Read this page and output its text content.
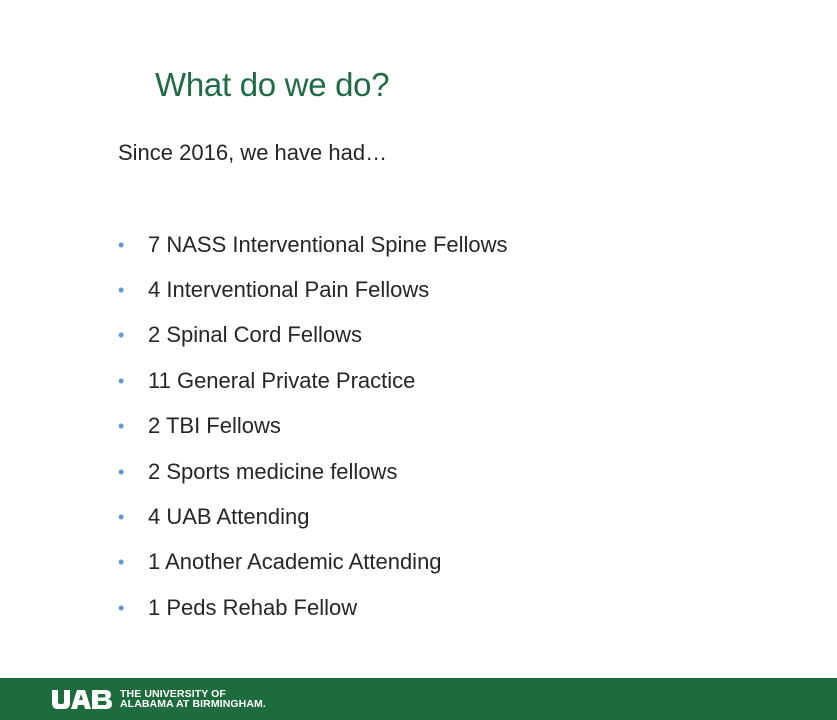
What do we do?

Since 2016, we have had…

•	7 NASS Interventional Spine Fellows
•	4 Interventional Pain Fellows
•	2 Spinal Cord Fellows
•	11 General Private Practice
•	2 TBI Fellows
•	2 Sports medicine fellows
•	4 UAB Attending
•	1 Another Academic Attending
•	1 Peds Rehab Fellow
THE UNIVERSITY OF
ALABAMA AT BIRMINGHAM.
